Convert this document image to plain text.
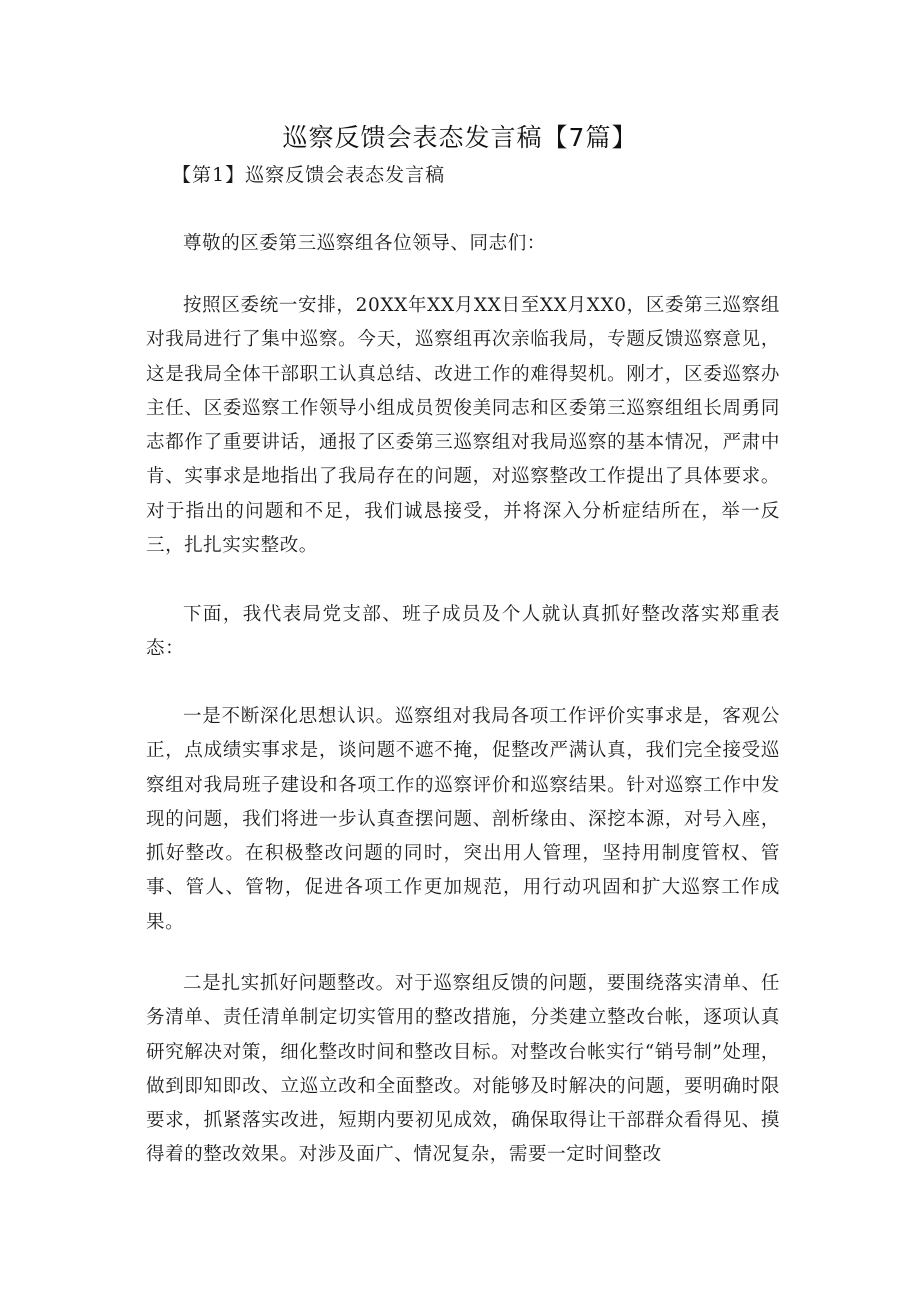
巡察反馈会表态发言稿【7篇】
【第1】巡察反馈会表态发言稿

尊敬的区委第三巡察组各位领导、同志们：

按照区委统一安排，20XX年XX月XX日至XX月XX0，区委第三巡察组对我局进行了集中巡察。今天，巡察组再次亲临我局，专题反馈巡察意见，这是我局全体干部职工认真总结、改进工作的难得契机。刚才，区委巡察办主任、区委巡察工作领导小组成员贺俊美同志和区委第三巡察组组长周勇同志都作了重要讲话，通报了区委第三巡察组对我局巡察的基本情况，严肃中肯、实事求是地指出了我局存在的问题，对巡察整改工作提出了具体要求。对于指出的问题和不足，我们诚恳接受，并将深入分析症结所在，举一反三，扎扎实实整改。

下面，我代表局党支部、班子成员及个人就认真抓好整改落实郑重表态：

一是不断深化思想认识。巡察组对我局各项工作评价实事求是，客观公正，点成绩实事求是，谈问题不遮不掩，促整改严满认真，我们完全接受巡察组对我局班子建设和各项工作的巡察评价和巡察结果。针对巡察工作中发现的问题，我们将进一步认真查摆问题、剖析缘由、深挖本源，对号入座，抓好整改。在积极整改问题的同时，突出用人管理，坚持用制度管权、管事、管人、管物，促进各项工作更加规范，用行动巩固和扩大巡察工作成果。

二是扎实抓好问题整改。对于巡察组反馈的问题，要围绕落实清单、任务清单、责任清单制定切实管用的整改措施，分类建立整改台帐，逐项认真研究解决对策，细化整改时间和整改目标。对整改台帐实行“销号制”处理，做到即知即改、立巡立改和全面整改。对能够及时解决的问题，要明确时限要求，抓紧落实改进，短期内要初见成效，确保取得让干部群众看得见、摸得着的整改效果。对涉及面广、情况复杂，需要一定时间整改
